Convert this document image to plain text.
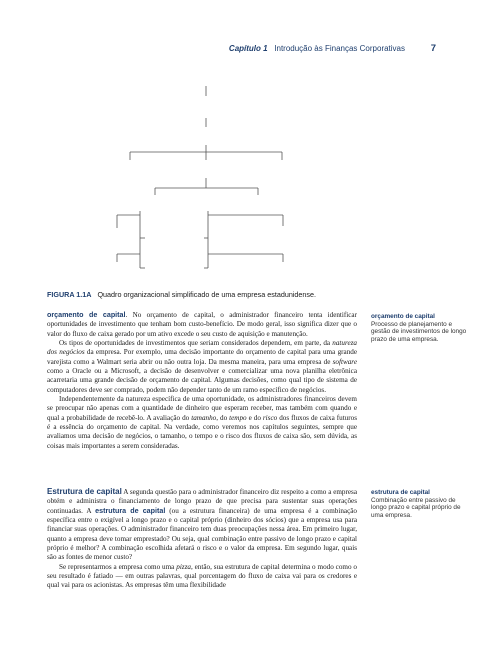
Capítulo 1 Introdução às Finanças Corporativas	7
FIGURA 1.1A Quadro organizacional simplificado de uma empresa estadunidense.

orçamento de capital. No orçamento de capital, o administrador financeiro tenta identificar oportunidades de investimento que tenham bom custo-benefício. De modo geral, isso significa dizer que o valor do fluxo de caixa gerado por um ativo excede o seu custo de aquisição e manutenção.

Os tipos de oportunidades de investimentos que seriam considerados dependem, em parte, da natureza dos negócios da empresa. Por exemplo, uma decisão importante do orçamento de capital para uma grande varejista como a Walmart seria abrir ou não outra loja. Da mesma maneira, para uma empresa de software como a Oracle ou a Microsoft, a decisão de desenvolver e comercializar uma nova planilha eletrônica acarretaria uma grande decisão de orçamento de capital. Algumas decisões, como qual tipo de sistema de computadores deve ser comprado, podem não depender tanto de um ramo específico de negócios.

Independentemente da natureza específica de uma oportunidade, os administradores financeiros devem se preocupar não apenas com a quantidade de dinheiro que esperam receber, mas também com quando e qual a probabilidade de recebê-lo. A avaliação do tamanho, do tempo e do risco dos fluxos de caixa futuros é a essência do orçamento de capital. Na verdade, como veremos nos capítulos seguintes, sempre que avaliamos uma decisão de negócios, o tamanho, o tempo e o risco dos fluxos de caixa são, sem dúvida, as coisas mais importantes a serem consideradas.

Estrutura de capital A segunda questão para o administrador financeiro diz respeito a como a empresa obtém e administra o financiamento de longo prazo de que precisa para sustentar suas operações continuadas. A estrutura de capital (ou a estrutura financeira) de uma empresa é a combinação específica entre o exigível a longo prazo e o capital próprio (dinheiro dos sócios) que a empresa usa para financiar suas operações. O administrador financeiro tem duas preocupações nessa área. Em primeiro lugar, quanto a empresa deve tomar emprestado? Ou seja, qual combinação entre passivo de longo prazo e capital próprio é melhor? A combinação escolhida afetará o risco e o valor da empresa. Em segundo lugar, quais são as fontes de menor custo?

Se representarmos a empresa como uma pizza, então, sua estrutura de capital determina o modo como o seu resultado é fatiado — em outras palavras, qual porcentagem do fluxo de caixa vai para os credores e qual vai para os acionistas. As empresas têm uma flexibilidade

orçamento de capital
Processo de planejamento e gestão de investimentos de longo prazo de uma empresa.
estrutura de capital
Combinação entre passivo de longo prazo e capital próprio de uma empresa.
